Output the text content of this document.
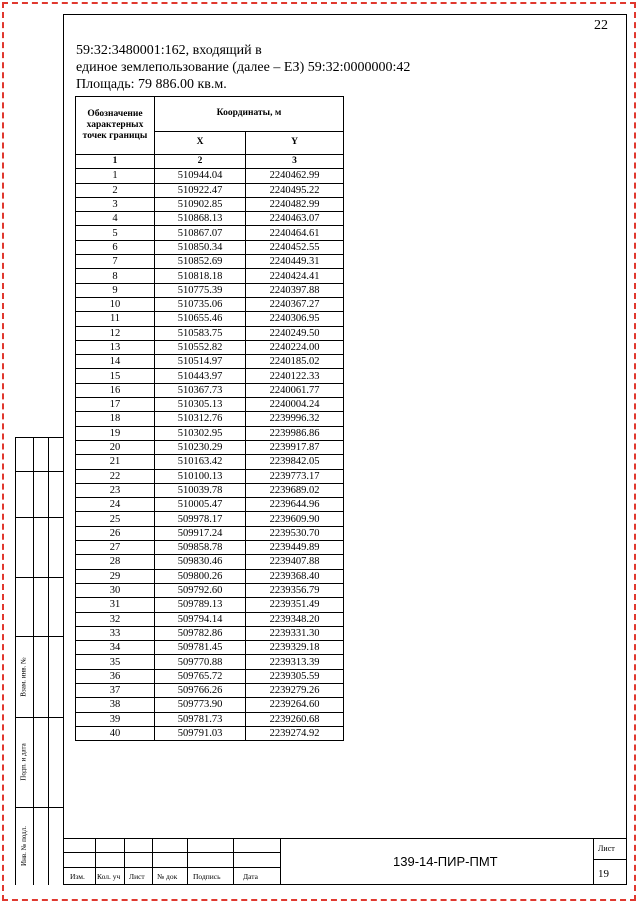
22
59:32:3480001:162, входящий в
единое землепользование (далее – ЕЗ) 59:32:0000000:42
Площадь: 79 886.00 кв.м.
Обозначение характерных точек границы	Координаты, м	
	X	Y
1	2	3
1	510944.04	2240462.99
2	510922.47	2240495.22
3	510902.85	2240482.99
4	510868.13	2240463.07
5	510867.07	2240464.61
6	510850.34	2240452.55
7	510852.69	2240449.31
8	510818.18	2240424.41
9	510775.39	2240397.88
10	510735.06	2240367.27
11	510655.46	2240306.95
12	510583.75	2240249.50
13	510552.82	2240224.00
14	510514.97	2240185.02
15	510443.97	2240122.33
16	510367.73	2240061.77
17	510305.13	2240004.24
18	510312.76	2239996.32
19	510302.95	2239986.86
20	510230.29	2239917.87
21	510163.42	2239842.05
22	510100.13	2239773.17
23	510039.78	2239689.02
24	510005.47	2239644.96
25	509978.17	2239609.90
26	509917.24	2239530.70
27	509858.78	2239449.89
28	509830.46	2239407.88
29	509800.26	2239368.40
30	509792.60	2239356.79
31	509789.13	2239351.49
32	509794.14	2239348.20
33	509782.86	2239331.30
34	509781.45	2239329.18
35	509770.88	2239313.39
36	509765.72	2239305.59
37	509766.26	2239279.26
38	509773.90	2239264.60
39	509781.73	2239260.68
40	509791.03	2239274.92
Взам. инв. №
Подп. и дата
Инв. № подл.
Изм. Кол. уч Лист № док Подпись	Дата
139-14-ПИР-ПМТ
Лист
19
